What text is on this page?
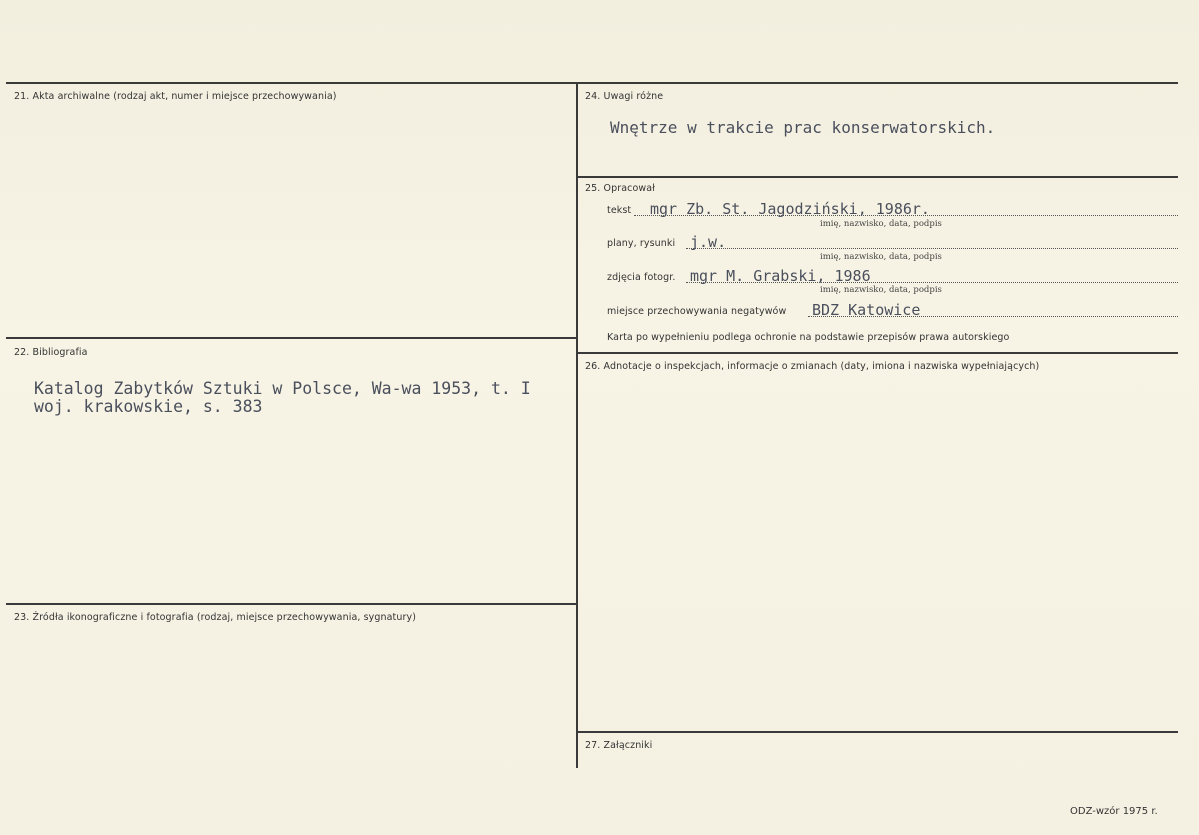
21. Akta archiwalne (rodzaj akt, numer i miejsce przechowywania)
22. Bibliografia
Katalog Zabytków Sztuki w Polsce, Wa-wa 1953, t. I
woj. krakowskie, s. 383
23. Źródła ikonograficzne i fotografia (rodzaj, miejsce przechowywania, sygnatury)
24. Uwagi różne
Wnętrze w trakcie prac konserwatorskich.
25. Opracował
tekst mgr Zb. St. Jagodziński, 1986r.
imię, nazwisko, data, podpis
plany, rysunki j.w.
imię, nazwisko, data, podpis
zdjęcia fotogr. mgr M. Grabski, 1986
imię, nazwisko, data, podpis
miejsce przechowywania negatywów BDZ Katowice
Karta po wypełnieniu podlega ochronie na podstawie przepisów prawa autorskiego
26. Adnotacje o inspekcjach, informacje o zmianach (daty, imiona i nazwiska wypełniających)
27. Załączniki
ODZ-wzór 1975 r.
